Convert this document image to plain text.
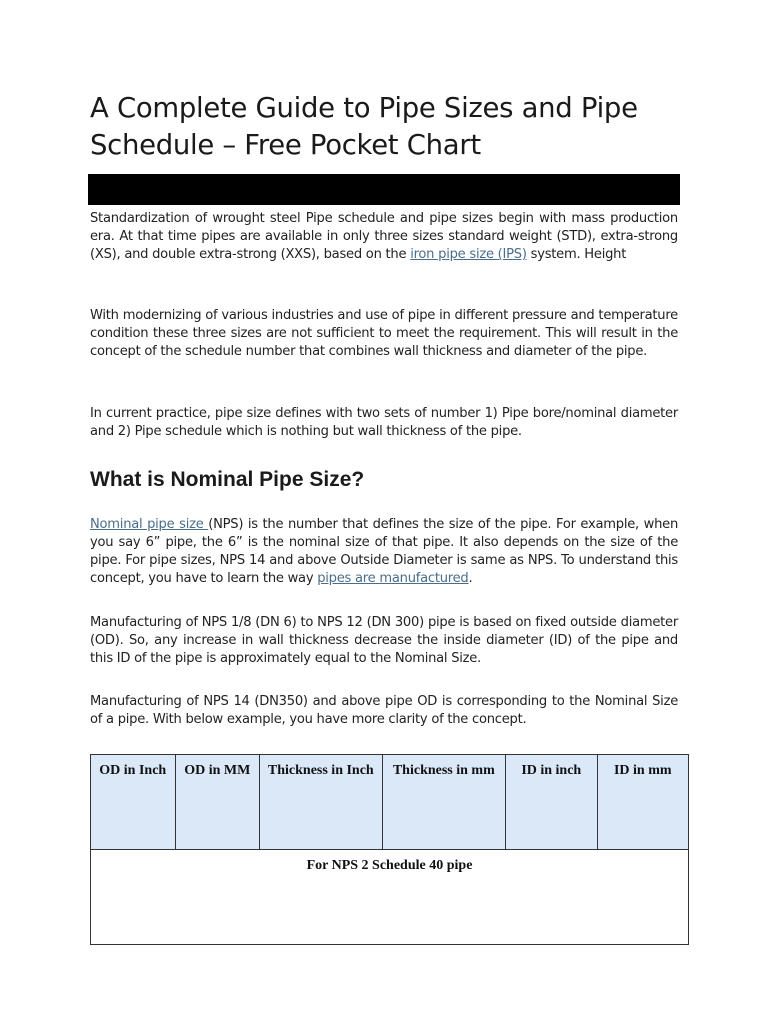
A Complete Guide to Pipe Sizes and Pipe Schedule – Free Pocket Chart

Standardization of wrought steel Pipe schedule and pipe sizes begin with mass production era. At that time pipes are available in only three sizes standard weight (STD), extra-strong (XS), and double extra-strong (XXS), based on the iron pipe size (IPS) system. Height

With modernizing of various industries and use of pipe in different pressure and temperature condition these three sizes are not sufficient to meet the requirement. This will result in the concept of the schedule number that combines wall thickness and diameter of the pipe.

In current practice, pipe size defines with two sets of number 1) Pipe bore/nominal diameter and 2) Pipe schedule which is nothing but wall thickness of the pipe.

What is Nominal Pipe Size?

Nominal pipe size (NPS) is the number that defines the size of the pipe. For example, when you say 6” pipe, the 6” is the nominal size of that pipe. It also depends on the size of the pipe. For pipe sizes, NPS 14 and above Outside Diameter is same as NPS. To understand this concept, you have to learn the way pipes are manufactured.

Manufacturing of NPS 1/8 (DN 6) to NPS 12 (DN 300) pipe is based on fixed outside diameter (OD). So, any increase in wall thickness decrease the inside diameter (ID) of the pipe and this ID of the pipe is approximately equal to the Nominal Size.

Manufacturing of NPS 14 (DN350) and above pipe OD is corresponding to the Nominal Size of a pipe. With below example, you have more clarity of the concept.

OD in Inch	OD in MM	Thickness in Inch	Thickness in mm	ID in inch	ID in mm
For NPS 2 Schedule 40 pipe
